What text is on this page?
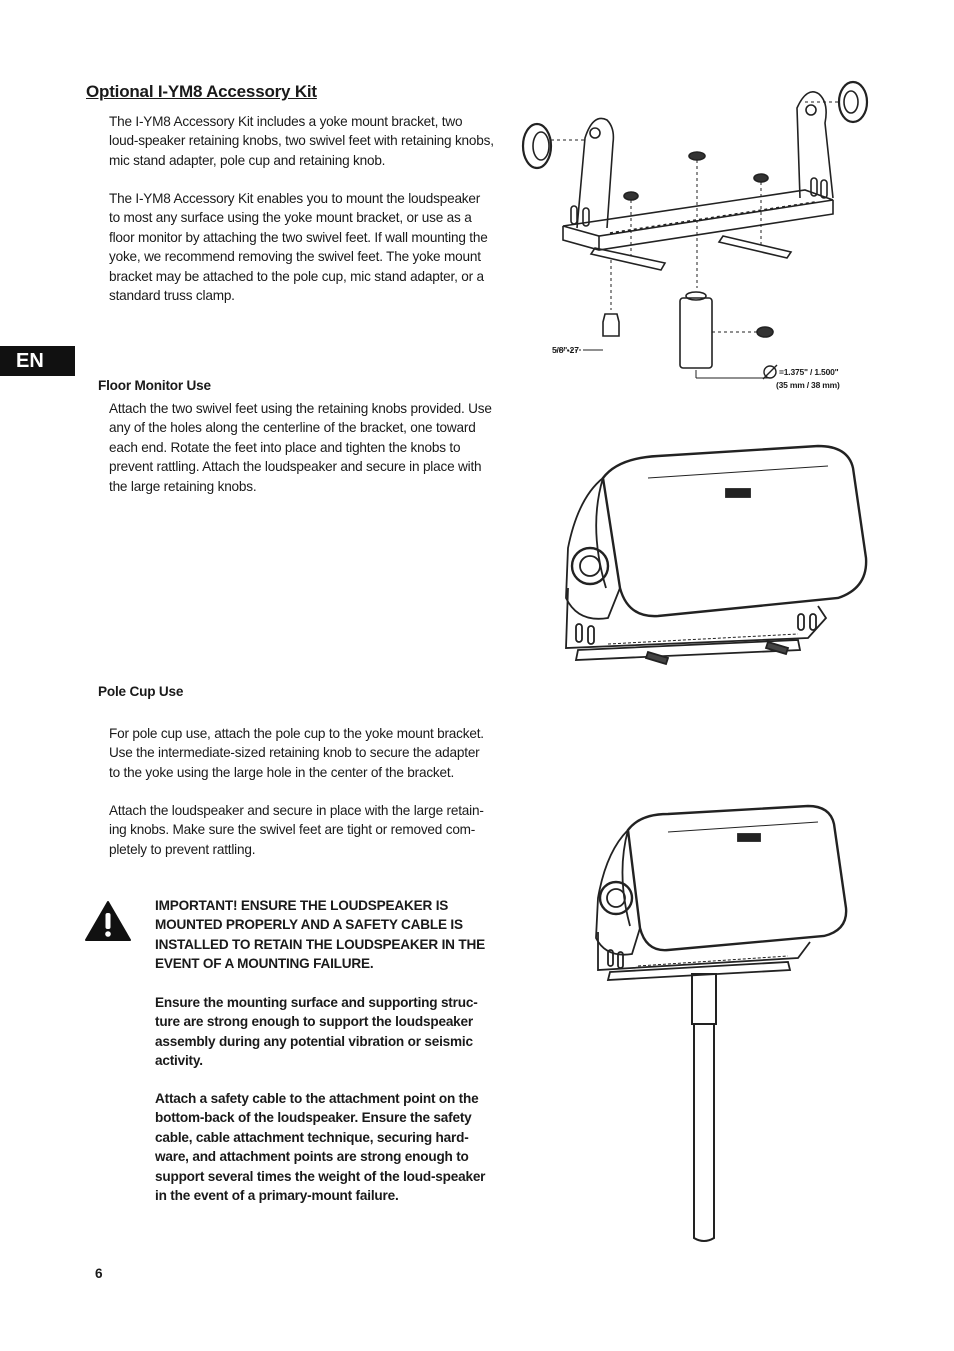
Optional I-YM8 Accessory Kit

The I-YM8 Accessory Kit includes a yoke mount bracket, two loud-speaker retaining knobs, two swivel feet with retaining knobs, mic stand adapter, pole cup and retaining knob.

The I-YM8 Accessory Kit enables you to mount the loudspeaker to most any surface using the yoke mount bracket, or use as a floor monitor by attaching the two swivel feet. If wall mounting the yoke, we recommend removing the swivel feet. The yoke mount bracket may be attached to the pole cup, mic stand adapter, or a standard truss clamp.

EN
Floor Monitor Use

Attach the two swivel feet using the retaining knobs provided. Use any of the holes along the centerline of the bracket, one toward each end. Rotate the feet into place and tighten the knobs to prevent rattling. Attach the loudspeaker and secure in place with the large retaining knobs.

Pole Cup Use

For pole cup use, attach the pole cup to the yoke mount bracket. Use the intermediate-sized retaining knob to secure the adapter to the yoke using the large hole in the center of the bracket.

Attach the loudspeaker and secure in place with the large retain-ing knobs. Make sure the swivel feet are tight or removed com-pletely to prevent rattling.

IMPORTANT! ENSURE THE LOUDSPEAKER IS MOUNTED PROPERLY AND A SAFETY CABLE IS INSTALLED TO RETAIN THE LOUDSPEAKER IN THE EVENT OF A MOUNTING FAILURE.

Ensure the mounting surface and supporting struc-ture are strong enough to support the loudspeaker assembly during any potential vibration or seismic activity.

Attach a safety cable to the attachment point on the bottom-back of the loudspeaker. Ensure the safety cable, cable attachment technique, securing hard-ware, and attachment points are strong enough to support several times the weight of the loud-speaker in the event of a primary-mount failure.

6
5/8"-27
=1.375" / 1.500"
(35 mm / 38 mm)
